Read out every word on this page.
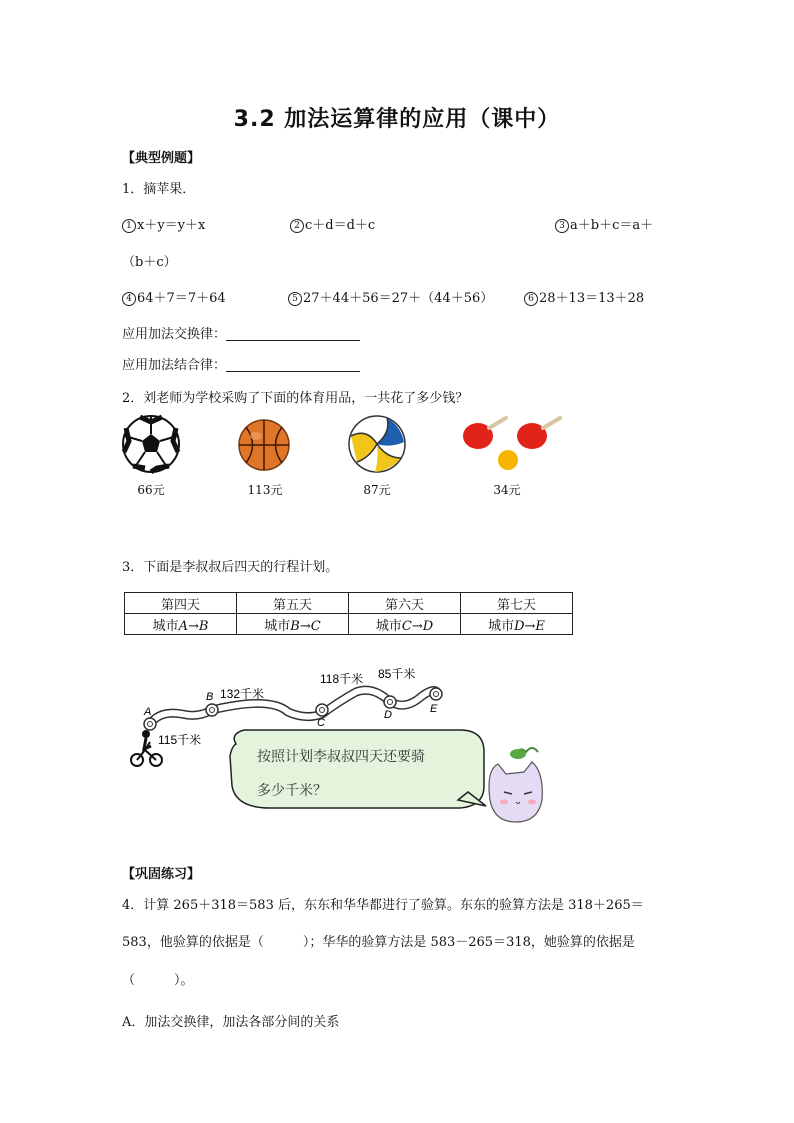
3.2 加法运算律的应用（课中）
【典型例题】
1．摘苹果．
1 x＋y＝y＋x	2 c＋d＝d＋c	3 a＋b＋c＝a＋
（b＋c）
4 64＋7＝7＋64	5 27＋44＋56＝27＋（44＋56）	6 28＋13＝13＋28
应用加法交换律：
应用加法结合律：
2．刘老师为学校采购了下面的体育用品，一共花了多少钱？
66元	113元	87元	34元
3．下面是李叔叔后四天的行程计划。
第四天	第五天	第六天	第七天
城市A→B	城市B→C	城市C→D	城市D→E
A
B
C
D	E
115千米
132千米
118千米 85千米
按照计划李叔叔四天还要骑
多少千米？
【巩固练习】
4．计算 265＋318＝583 后，东东和华华都进行了验算。东东的验算方法是 318＋265＝
583，他验算的依据是（　　　）；华华的验算方法是 583－265＝318，她验算的依据是
（　　　）。
A．加法交换律，加法各部分间的关系
